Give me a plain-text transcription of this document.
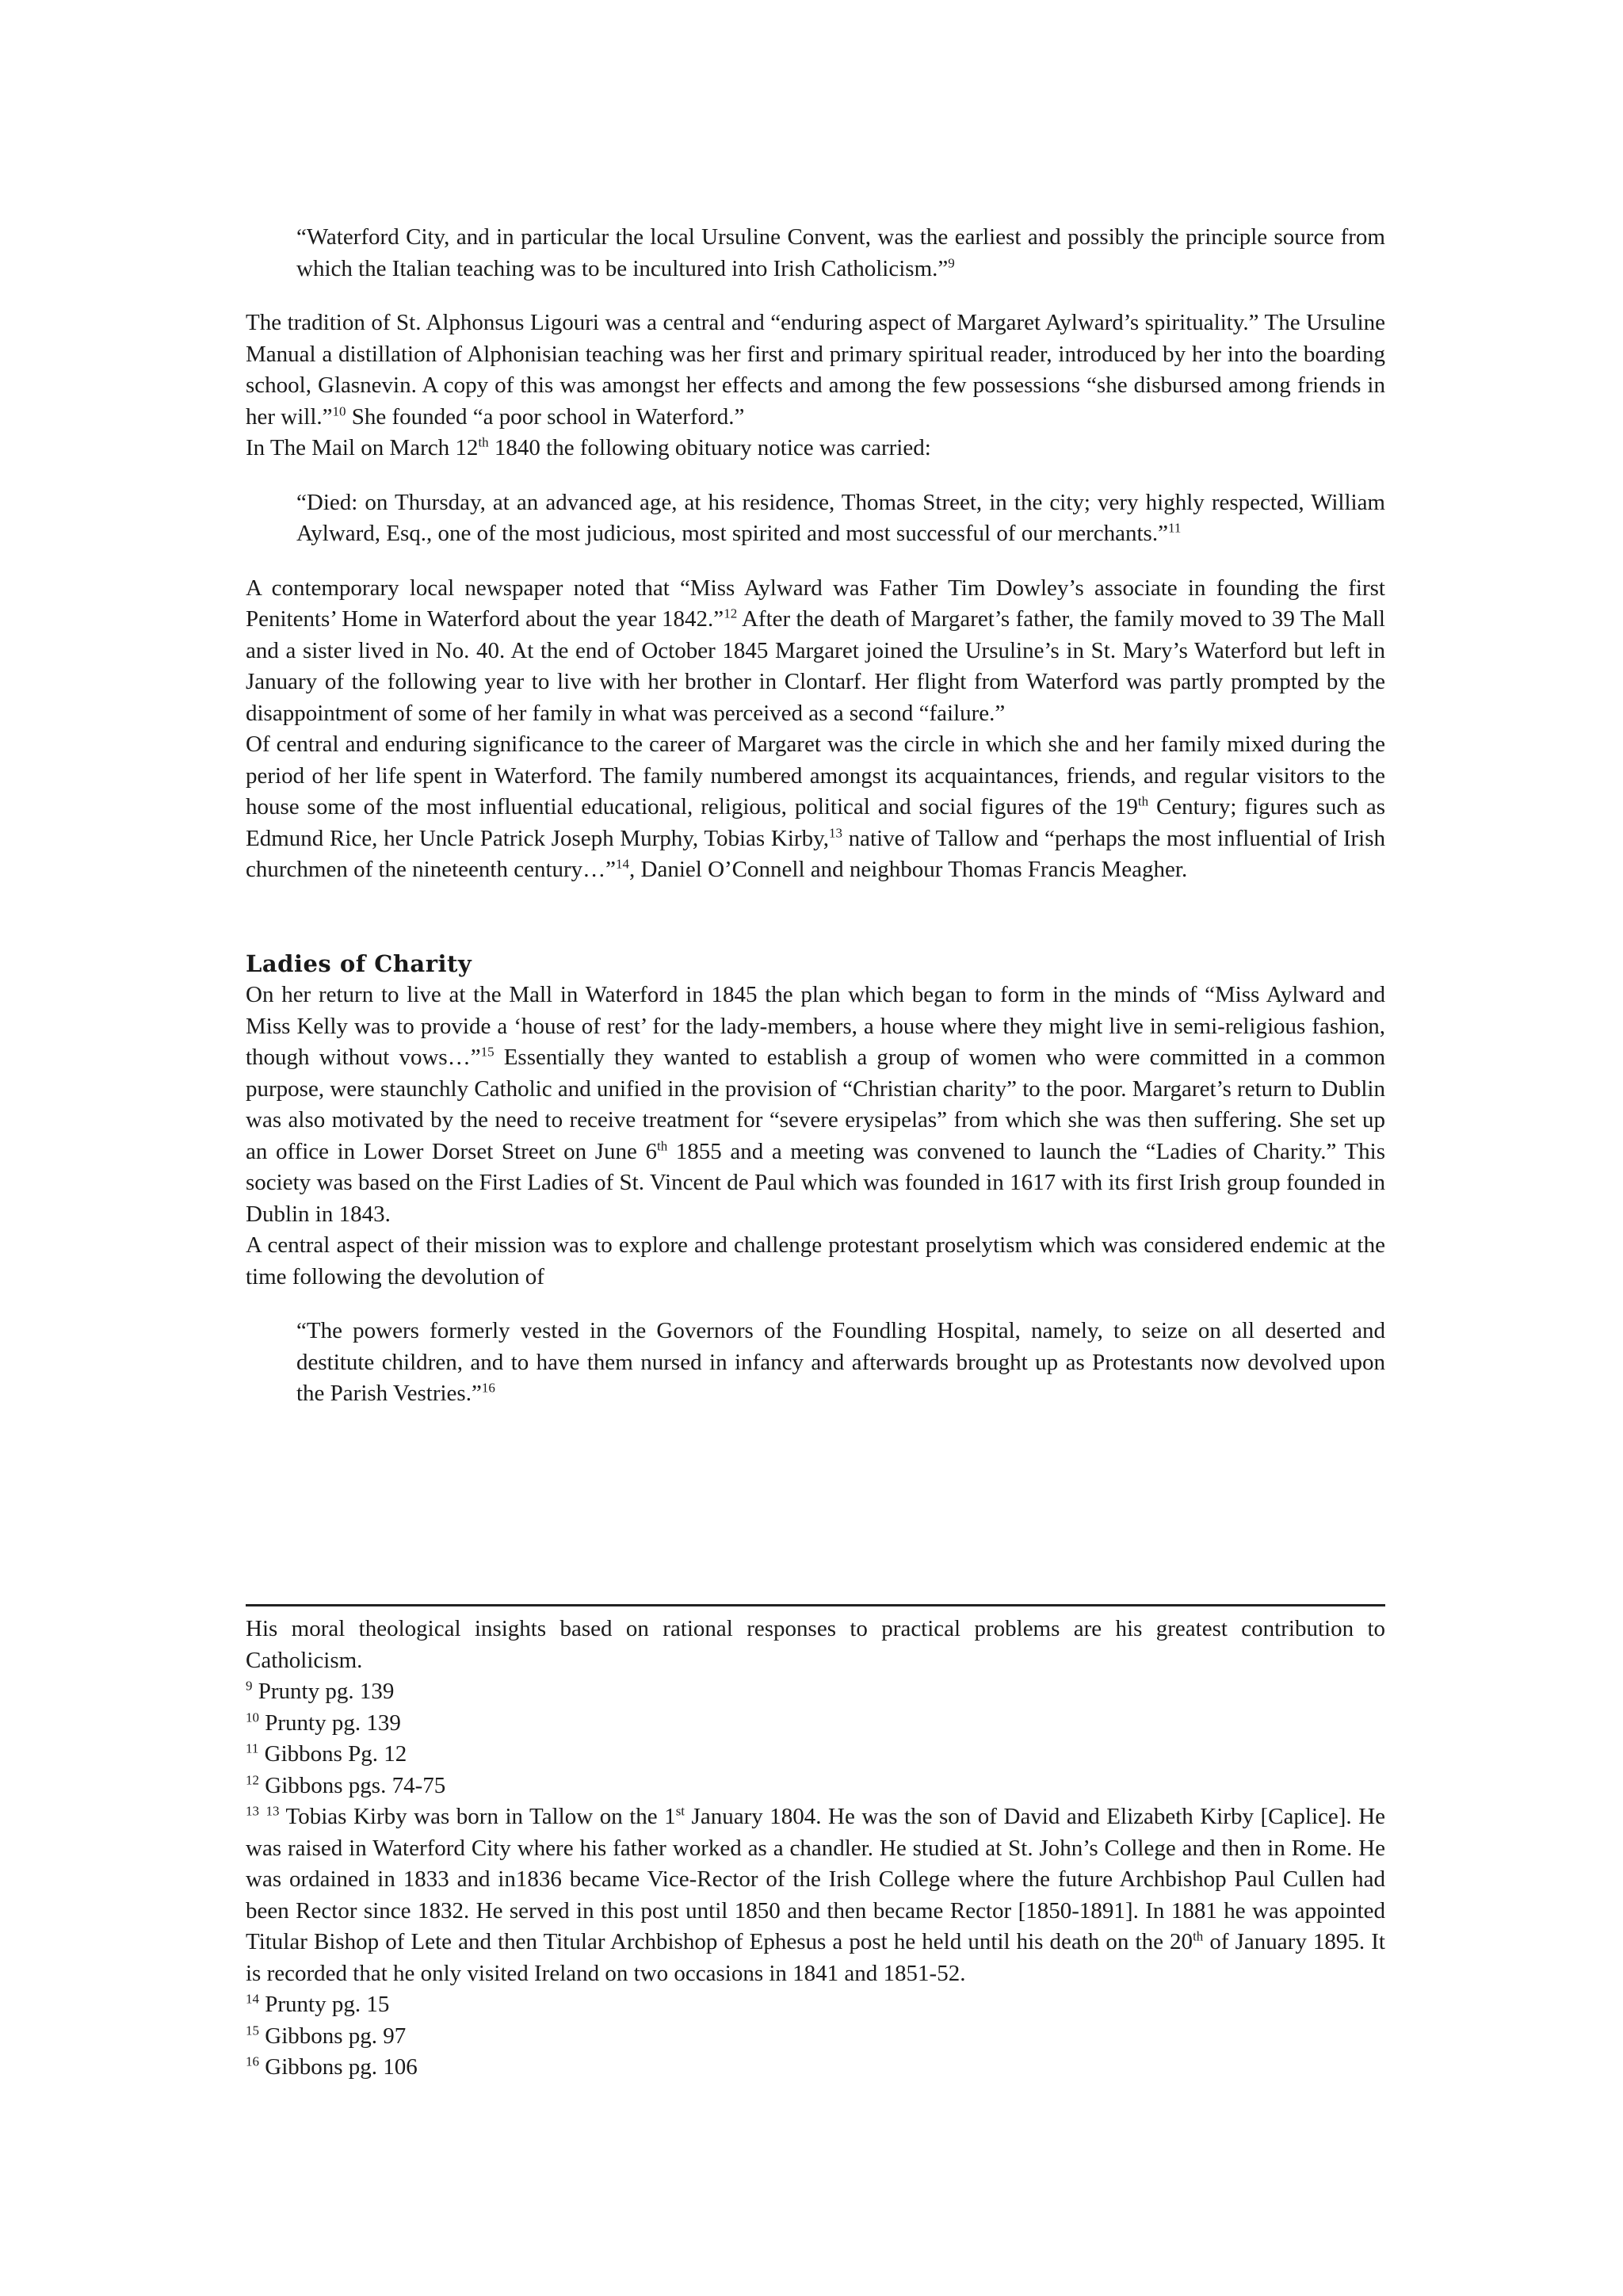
“Waterford City, and in particular the local Ursuline Convent, was the earliest and possibly the principle source from which the Italian teaching was to be incultured into Irish Catholicism.”$^9$

The tradition of St. Alphonsus Ligouri was a central and “enduring aspect of Margaret Aylward’s spirituality.” The Ursuline Manual a distillation of Alphonisian teaching was her first and primary spiritual reader, introduced by her into the boarding school, Glasnevin. A copy of this was amongst her effects and among the few possessions “she disbursed among friends in her will.”$^{10}$ She founded “a poor school in Waterford.”

In The Mail on March 12th 1840 the following obituary notice was carried:

“Died: on Thursday, at an advanced age, at his residence, Thomas Street, in the city; very highly respected, William Aylward, Esq., one of the most judicious, most spirited and most successful of our merchants.”$^{11}$

A contemporary local newspaper noted that “Miss Aylward was Father Tim Dowley’s associate in founding the first Penitents’ Home in Waterford about the year 1842.”$^{12}$ After the death of Margaret’s father, the family moved to 39 The Mall and a sister lived in No. 40. At the end of October 1845 Margaret joined the Ursuline’s in St. Mary’s Waterford but left in January of the following year to live with her brother in Clontarf. Her flight from Waterford was partly prompted by the disappointment of some of her family in what was perceived as a second “failure.”

Of central and enduring significance to the career of Margaret was the circle in which she and her family mixed during the period of her life spent in Waterford. The family numbered amongst its acquaintances, friends, and regular visitors to the house some of the most influential educational, religious, political and social figures of the 19th Century; figures such as Edmund Rice, her Uncle Patrick Joseph Murphy, Tobias Kirby,$^{13}$ native of Tallow and “perhaps the most influential of Irish churchmen of the nineteenth century…”$^{14}$, Daniel O’Connell and neighbour Thomas Francis Meagher.

Ladies of Charity

On her return to live at the Mall in Waterford in 1845 the plan which began to form in the minds of “Miss Aylward and Miss Kelly was to provide a ‘house of rest’ for the lady-members, a house where they might live in semi-religious fashion, though without vows…”$^{15}$ Essentially they wanted to establish a group of women who were committed in a common purpose, were staunchly Catholic and unified in the provision of “Christian charity” to the poor. Margaret’s return to Dublin was also motivated by the need to receive treatment for “severe erysipelas” from which she was then suffering. She set up an office in Lower Dorset Street on June 6th 1855 and a meeting was convened to launch the “Ladies of Charity.” This society was based on the First Ladies of St. Vincent de Paul which was founded in 1617 with its first Irish group founded in Dublin in 1843.

A central aspect of their mission was to explore and challenge protestant proselytism which was considered endemic at the time following the devolution of

“The powers formerly vested in the Governors of the Foundling Hospital, namely, to seize on all deserted and destitute children, and to have them nursed in infancy and afterwards brought up as Protestants now devolved upon the Parish Vestries.”$^{16}$

His moral theological insights based on rational responses to practical problems are his greatest contribution to Catholicism.

$^9$ Prunty pg. 139

$^{10}$ Prunty pg. 139

$^{11}$ Gibbons Pg. 12

$^{12}$ Gibbons pgs. 74-75

$^{13}$ $^{13}$ Tobias Kirby was born in Tallow on the 1st January 1804. He was the son of David and Elizabeth Kirby [Caplice]. He was raised in Waterford City where his father worked as a chandler. He studied at St. John’s College and then in Rome. He was ordained in 1833 and in1836 became Vice-Rector of the Irish College where the future Archbishop Paul Cullen had been Rector since 1832. He served in this post until 1850 and then became Rector [1850-1891]. In 1881 he was appointed Titular Bishop of Lete and then Titular Archbishop of Ephesus a post he held until his death on the 20th of January 1895. It is recorded that he only visited Ireland on two occasions in 1841 and 1851-52.

$^{14}$ Prunty pg. 15

$^{15}$ Gibbons pg. 97

$^{16}$ Gibbons pg. 106
